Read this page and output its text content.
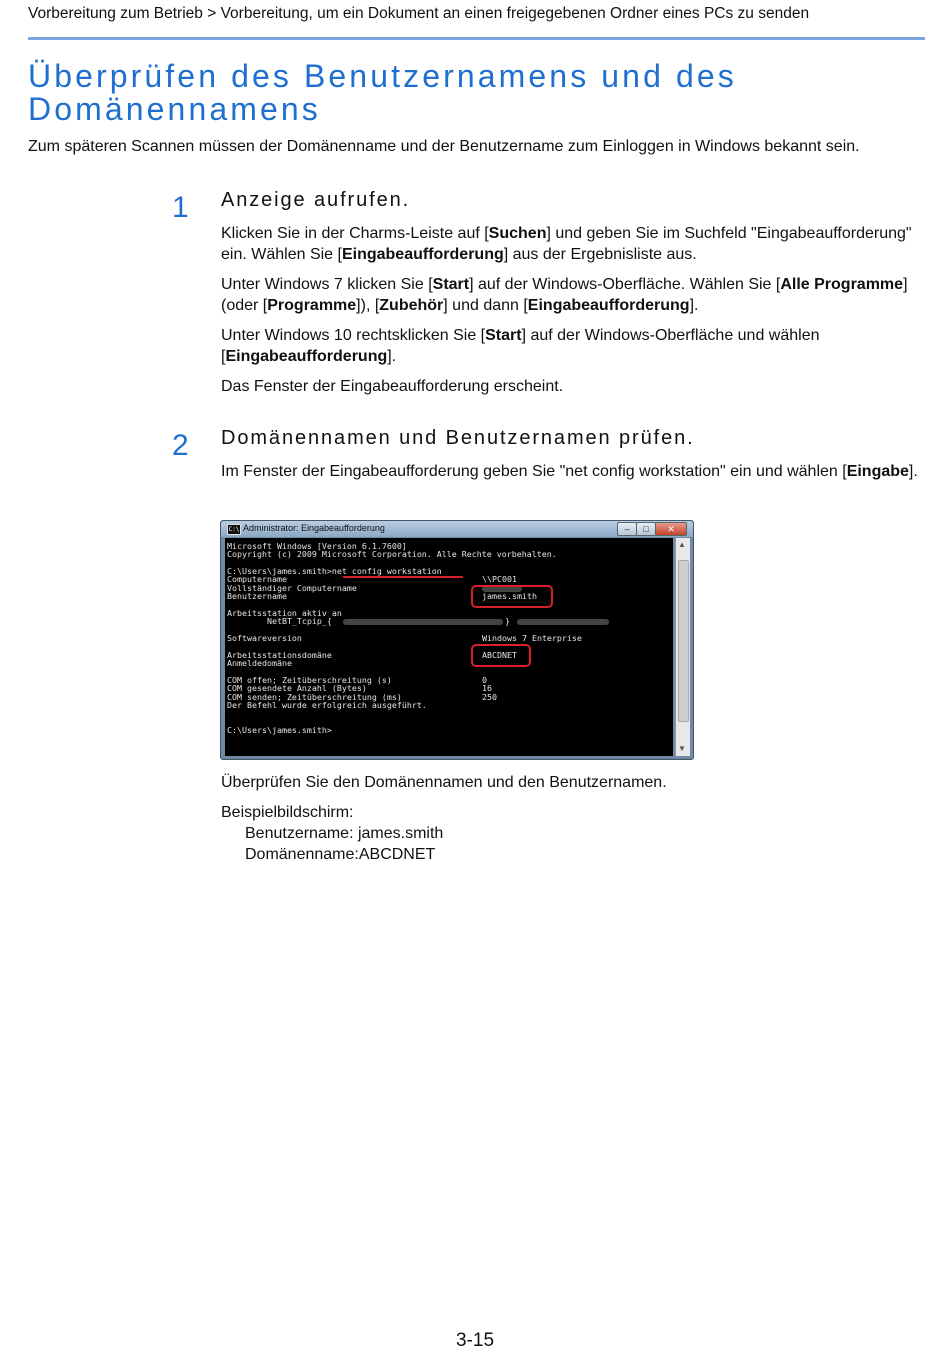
Vorbereitung zum Betrieb > Vorbereitung, um ein Dokument an einen freigegebenen Ordner eines PCs zu senden
Überprüfen des Benutzernamens und des Domänennamens
Zum späteren Scannen müssen der Domänenname und der Benutzername zum Einloggen in Windows bekannt sein.
1 Anzeige aufrufen.
Klicken Sie in der Charms-Leiste auf [Suchen] und geben Sie im Suchfeld "Eingabeaufforderung" ein. Wählen Sie [Eingabeaufforderung] aus der Ergebnisliste aus.
Unter Windows 7 klicken Sie [Start] auf der Windows-Oberfläche. Wählen Sie [Alle Programme] (oder [Programme]), [Zubehör] und dann [Eingabeaufforderung].
Unter Windows 10 rechtsklicken Sie [Start] auf der Windows-Oberfläche und wählen [Eingabeaufforderung].
Das Fenster der Eingabeaufforderung erscheint.
2 Domänennamen und Benutzernamen prüfen.
Im Fenster der Eingabeaufforderung geben Sie "net config workstation" ein und wählen [Eingabe].
C:\ Administrator: Eingabeaufforderung	–	□	✕
Microsoft Windows [Version 6.1.7600]
Copyright (c) 2009 Microsoft Corporation. Alle Rechte vorbehalten.
C:\Users\james.smith>net config workstation
Computername	\\PC001
Vollständiger Computername
Benutzername	james.smith
Arbeitsstation aktiv an
NetBT_Tcpip_{	}
Softwareversion	Windows 7 Enterprise
Arbeitsstationsdomäne	ABCDNET
Anmeldedomäne
COM offen; Zeitüberschreitung (s)	0
COM gesendete Anzahl (Bytes)	16
COM senden; Zeitüberschreitung (ms)	250
Der Befehl wurde erfolgreich ausgeführt.
C:\Users\james.smith>
▲
▼
Überprüfen Sie den Domänennamen und den Benutzernamen.
Beispielbildschirm:
Benutzername: james.smith
Domänenname:ABCDNET
3-15
